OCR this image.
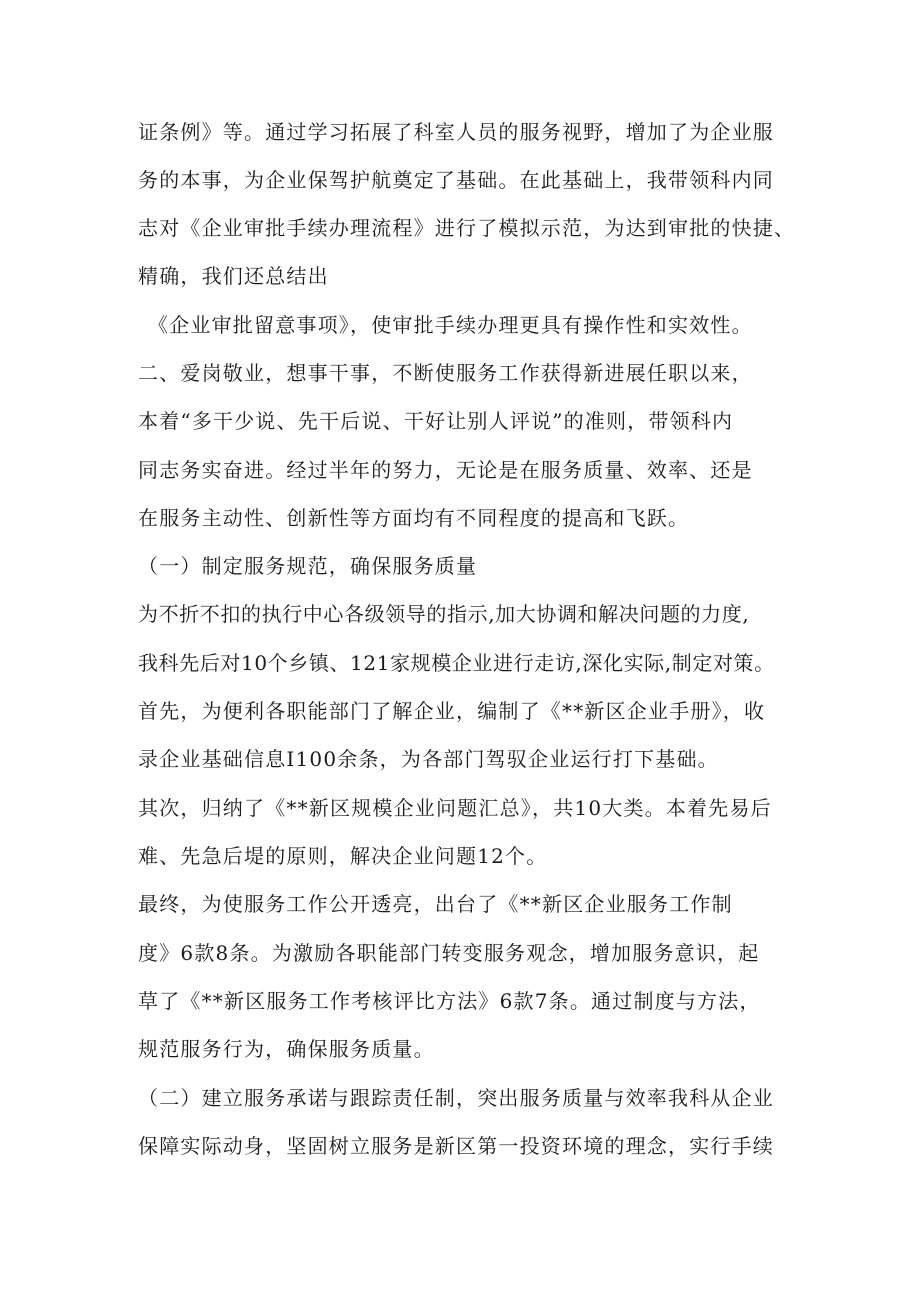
证条例》等。通过学习拓展了科室人员的服务视野，增加了为企业服
务的本事，为企业保驾护航奠定了基础。在此基础上，我带领科内同
志对《企业审批手续办理流程》进行了模拟示范，为达到审批的快捷、
精确，我们还总结出
《企业审批留意事项》，使审批手续办理更具有操作性和实效性。
二、爱岗敬业，想事干事，不断使服务工作获得新进展任职以来，
本着“多干少说、先干后说、干好让别人评说”的准则，带领科内
同志务实奋进。经过半年的努力，无论是在服务质量、效率、还是
在服务主动性、创新性等方面均有不同程度的提高和飞跃。
（一）制定服务规范，确保服务质量
为不折不扣的执行中心各级领导的指示,加大协调和解决问题的力度,
我科先后对10个乡镇、121家规模企业进行走访,深化实际,制定对策。
首先，为便利各职能部门了解企业，编制了《**新区企业手册》，收
录企业基础信息I100余条，为各部门驾驭企业运行打下基础。
其次，归纳了《**新区规模企业问题汇总》，共10大类。本着先易后
难、先急后堤的原则，解决企业问题12个。
最终，为使服务工作公开透亮，出台了《**新区企业服务工作制
度》6款8条。为激励各职能部门转变服务观念，增加服务意识，起
草了《**新区服务工作考核评比方法》6款7条。通过制度与方法，
规范服务行为，确保服务质量。
（二）建立服务承诺与跟踪责任制，突出服务质量与效率我科从企业
保障实际动身，坚固树立服务是新区第一投资环境的理念，实行手续
